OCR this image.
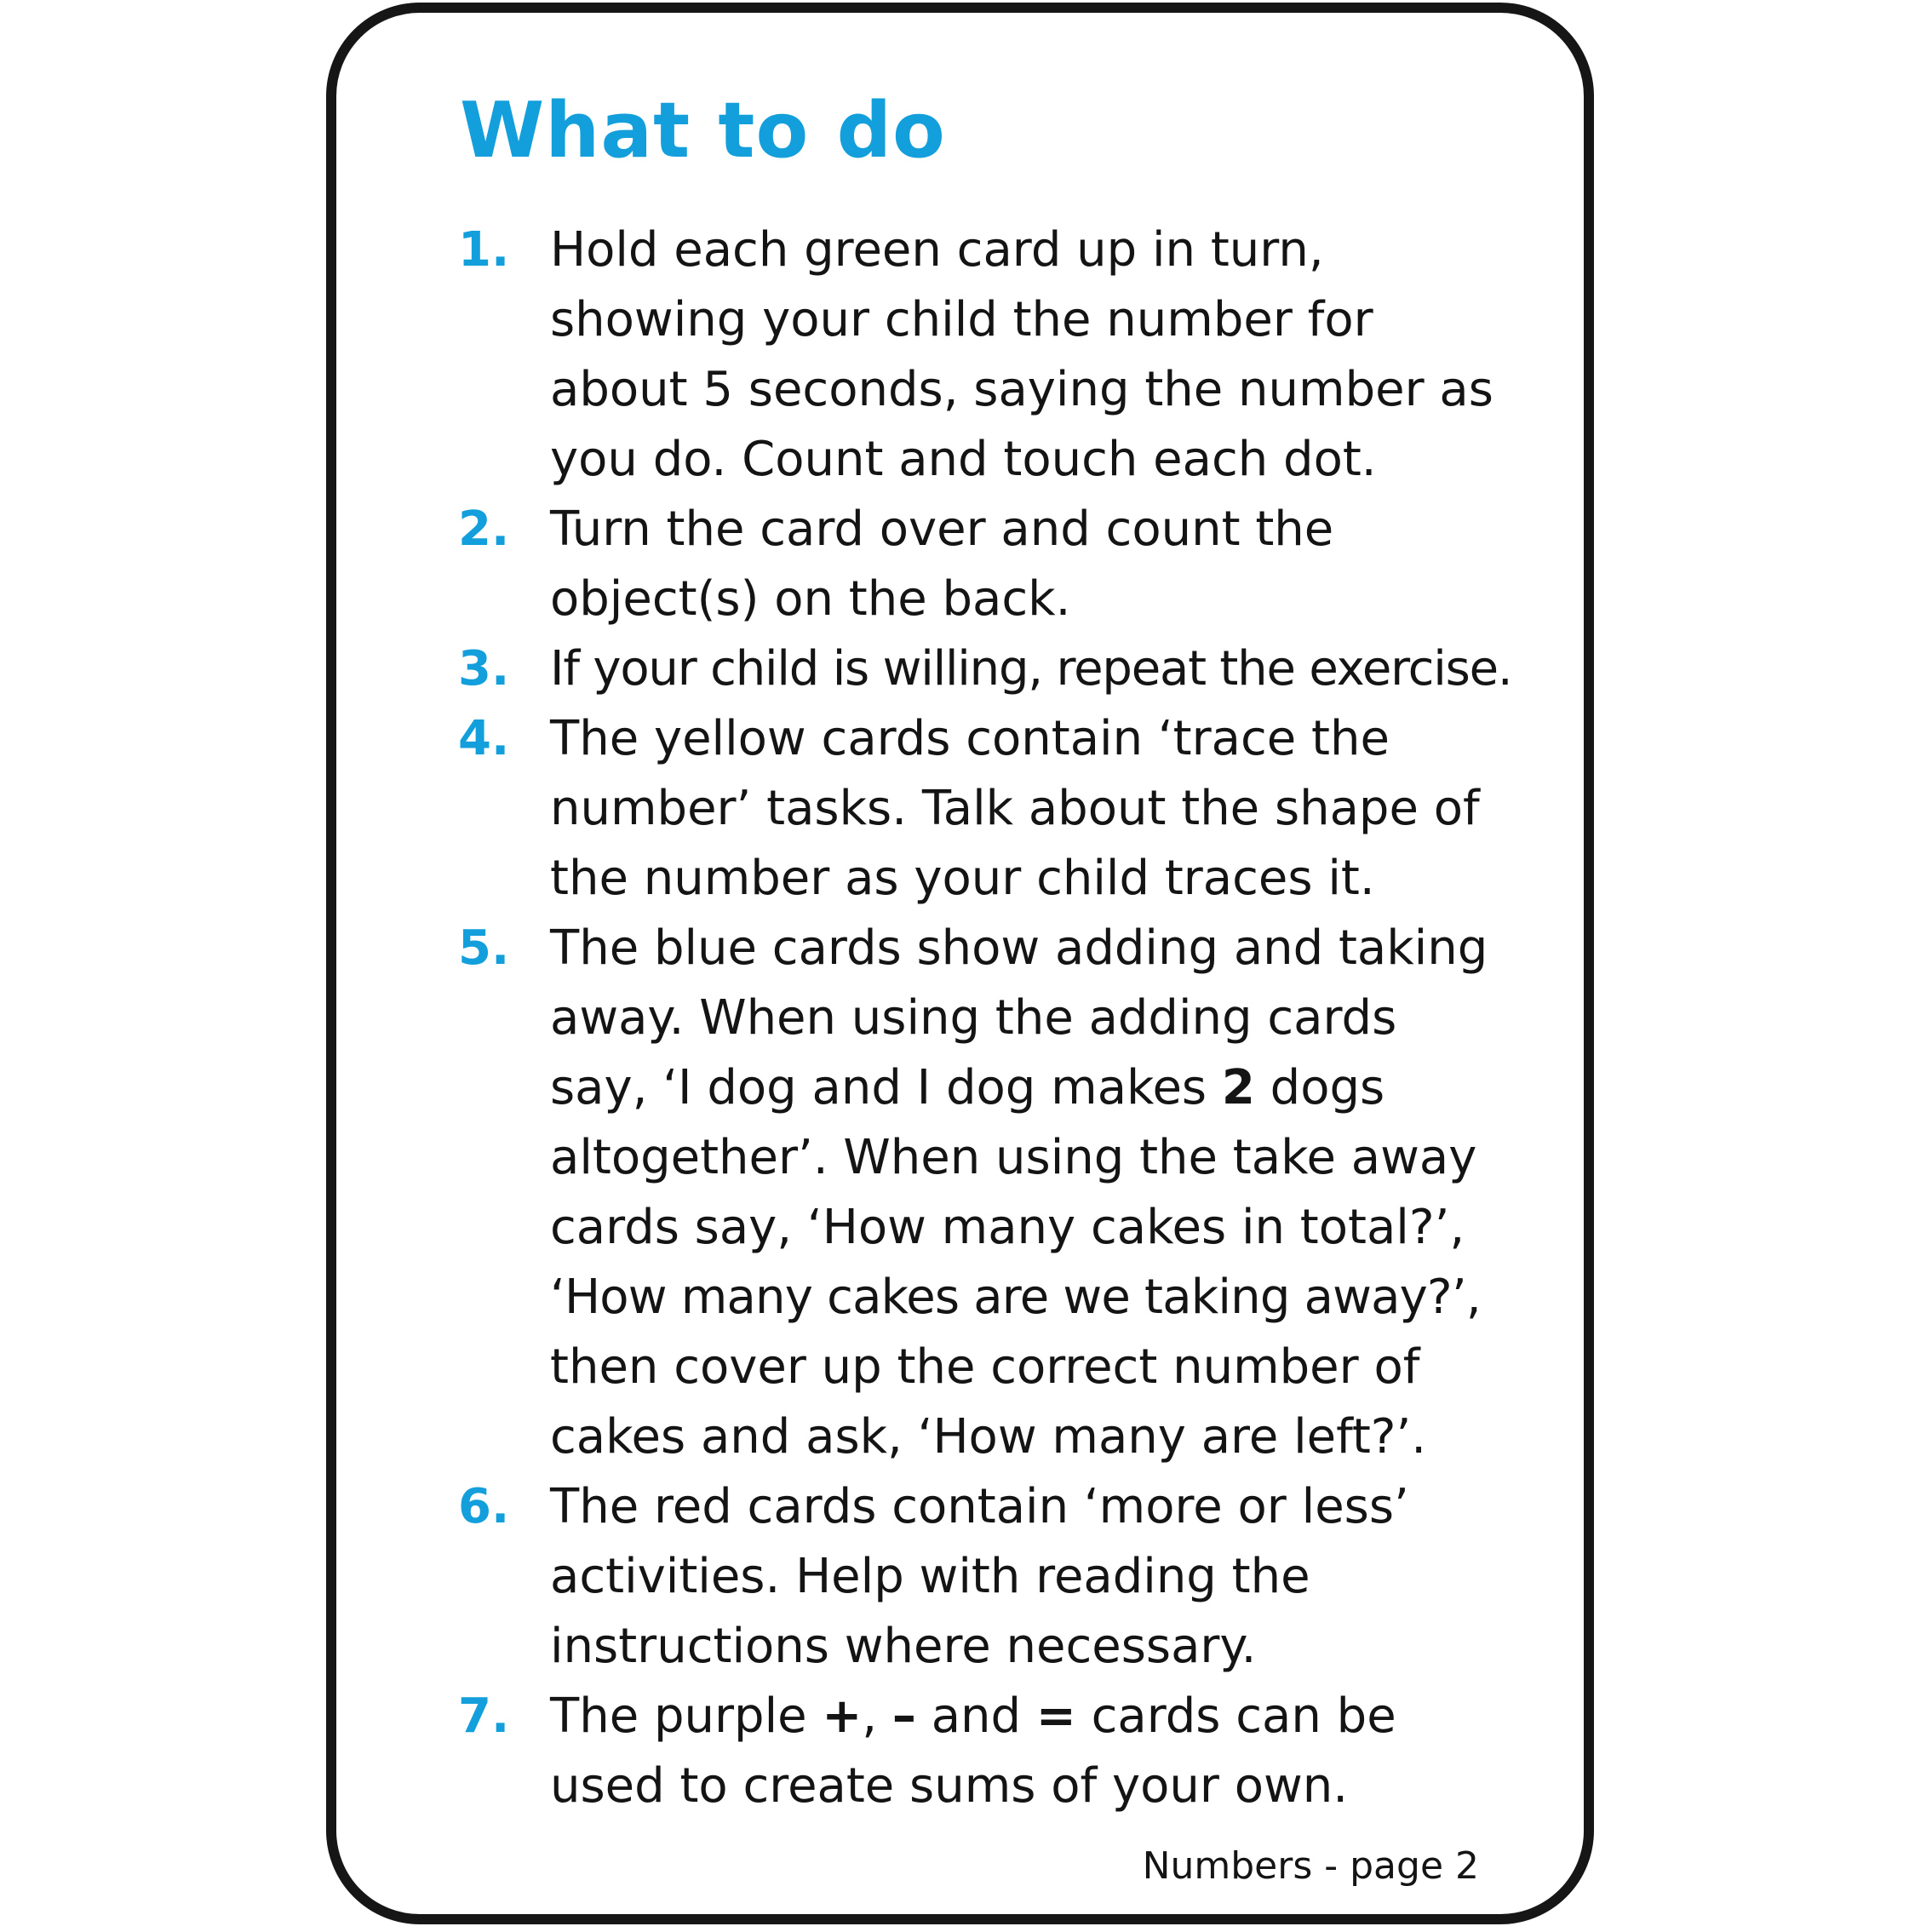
What to do
1. Hold each green card up in turn,
showing your child the number for
about 5 seconds, saying the number as
you do. Count and touch each dot.
2. Turn the card over and count the
object(s) on the back.
3. If your child is willing, repeat the exercise.
4. The yellow cards contain ‘trace the
number’ tasks. Talk about the shape of
the number as your child traces it.
5. The blue cards show adding and taking
away. When using the adding cards
say, ‘I dog and I dog makes 2 dogs
altogether’. When using the take away
cards say, ‘How many cakes in total?’,
‘How many cakes are we taking away?’,
then cover up the correct number of
cakes and ask, ‘How many are left?’.
6. The red cards contain ‘more or less’
activities. Help with reading the
instructions where necessary.
7. The purple +, – and = cards can be
used to create sums of your own.
Numbers - page 2
